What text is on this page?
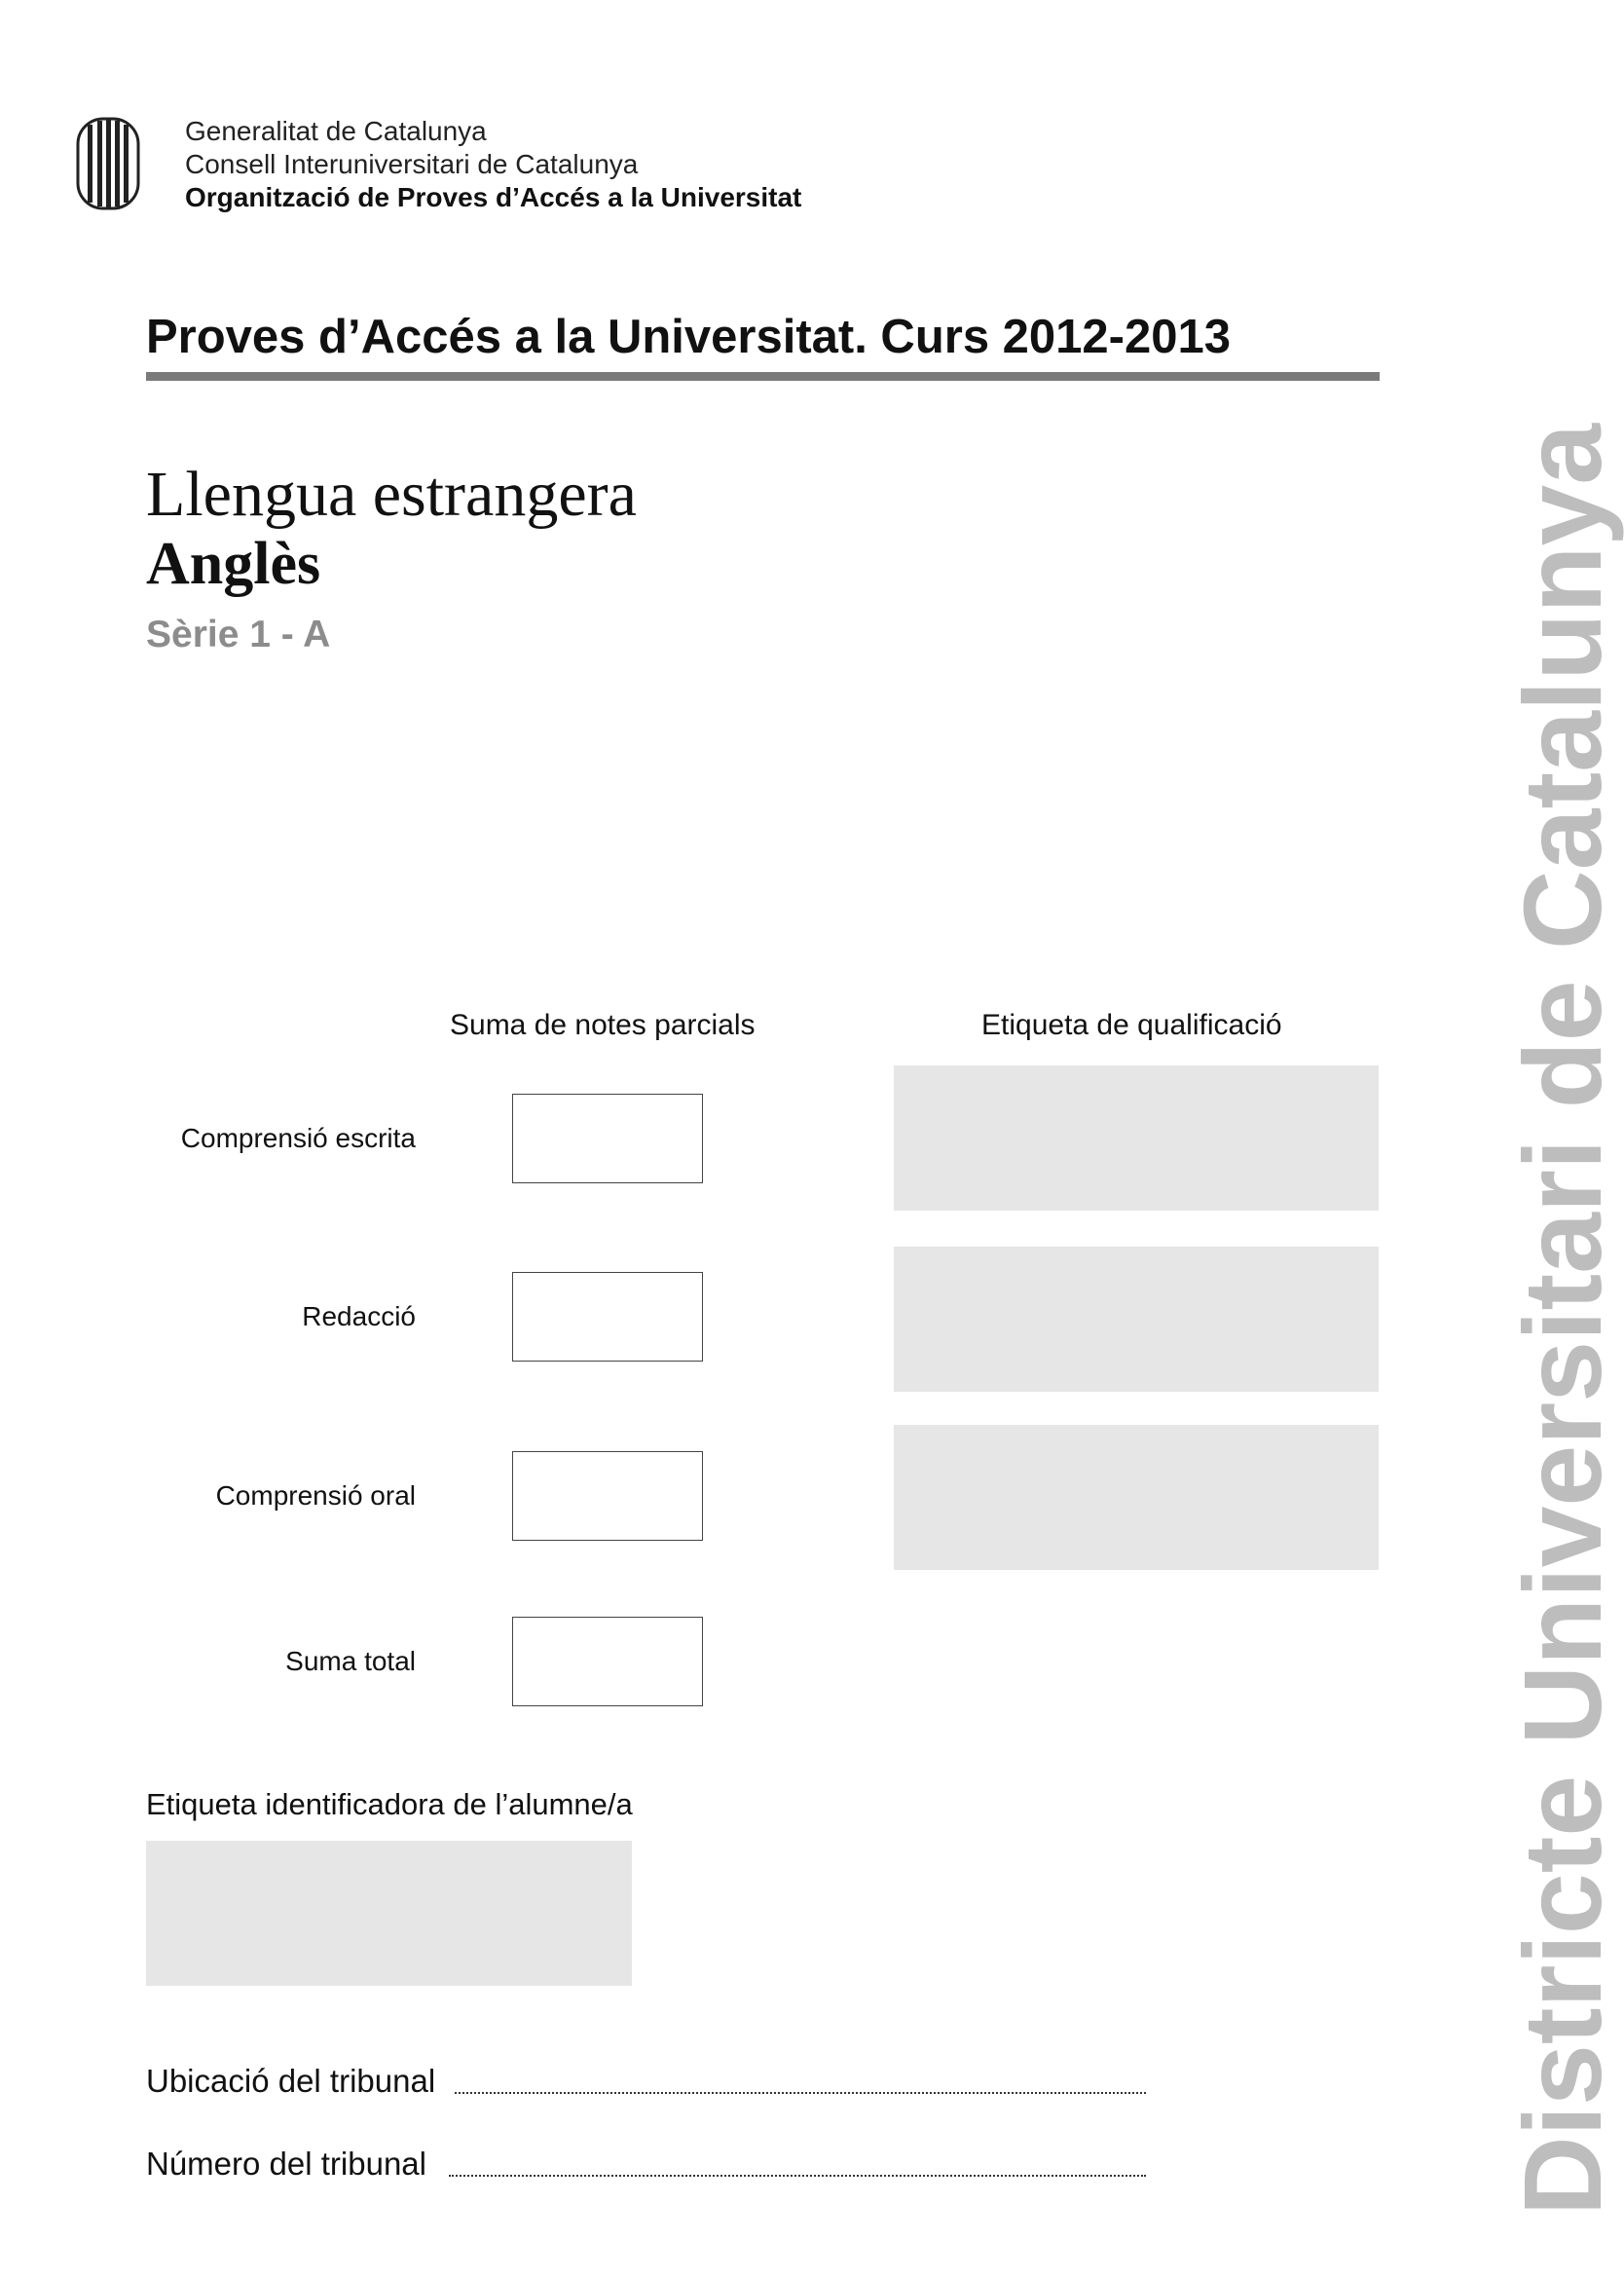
Generalitat de Catalunya
Consell Interuniversitari de Catalunya
Organització de Proves d’Accés a la Universitat
Proves d’Accés a la Universitat. Curs 2012-2013
Llengua estrangera
Anglès
Sèrie 1 - A
Suma de notes parcials	Etiqueta de qualificació
Comprensió escrita
Redacció
Comprensió oral
Suma total
Etiqueta identificadora de l’alumne/a
Ubicació del tribunal
Número del tribunal	Districte Universitari de Catalunya
